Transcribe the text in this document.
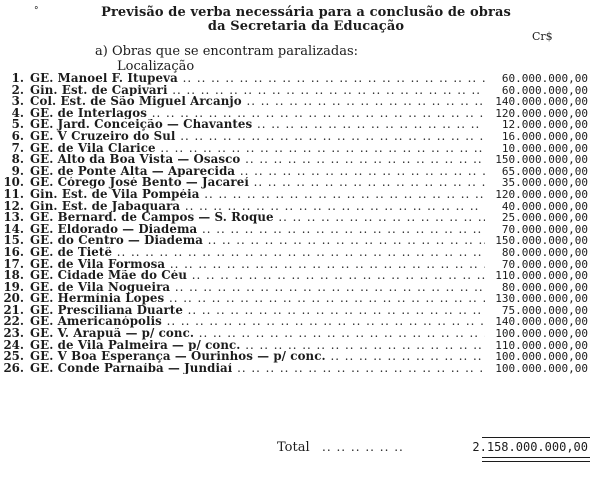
°	Previsão de verba necessária para a conclusão de obras
da Secretaria da Educação
Cr$
a) Obras que se encontram paralizadas:
Localização
1. GE. Manoel F. Itupeva .. ..	60.000.000,00
2. Gin. Est. de Capivari .. ..	60.000.000,00
3. Col. Est. de São Miguel Arcanjo .. ..	140.000.000,00
4. GE. de Interlagos .. ..	120.000.000,00
5. GE. Jard. Conceição — Chavantes .. ..	12.000.000,00
6. GE. V Cruzeiro do Sul .. ..	16.000.000,00
7. GE. de Vila Clarice .. ..	10.000.000,00
8. GE. Alto da Boa Vista — Osasco .. ..	150.000.000,00
9. GE. de Ponte Alta — Aparecida .. ..	65.000.000,00
10. GE. Córego José Bento — Jacareí .. ..	35.000.000,00
11. Gin. Est. de Vila Pompéia .. ..	120.000.000,00
12. Gin. Est. de Jabaquara .. ..	40.000.000,00
13. GE. Bernard. de Campos — S. Roque .. ..	25.000.000,00
14. GE. Eldorado — Diadema .. ..	70.000.000,00
15. GE. do Centro — Diadema .. ..	150.000.000,00
16. GE. de Tietê .. ..	80.000.000,00
17. GE. de Vila Formosa .. ..	70.000.000,00
18. GE. Cidade Mãe do Céu .. ..	110.000.000,00
19. GE. de Vila Nogueira .. ..	80.000.000,00
20. GE. Hermínia Lopes .. ..	130.000.000,00
21. GE. Presciliana Duarte .. ..	75.000.000,00
22. GE. Americanópolis .. ..	140.000.000,00
23. GE. V. Arapuã — p/ conc. .. ..	100.000.000,00
24. GE. de Vila Palmeira — p/ conc. .. ..	110.000.000,00
25. GE. V Boa Esperança — Ourinhos — p/ conc. .. ..	100.000.000,00
26. GE. Conde Parnaíba — Jundiaí .. ..	100.000.000,00
Total .. .. .. .. .. ..	2.158.000.000,00
